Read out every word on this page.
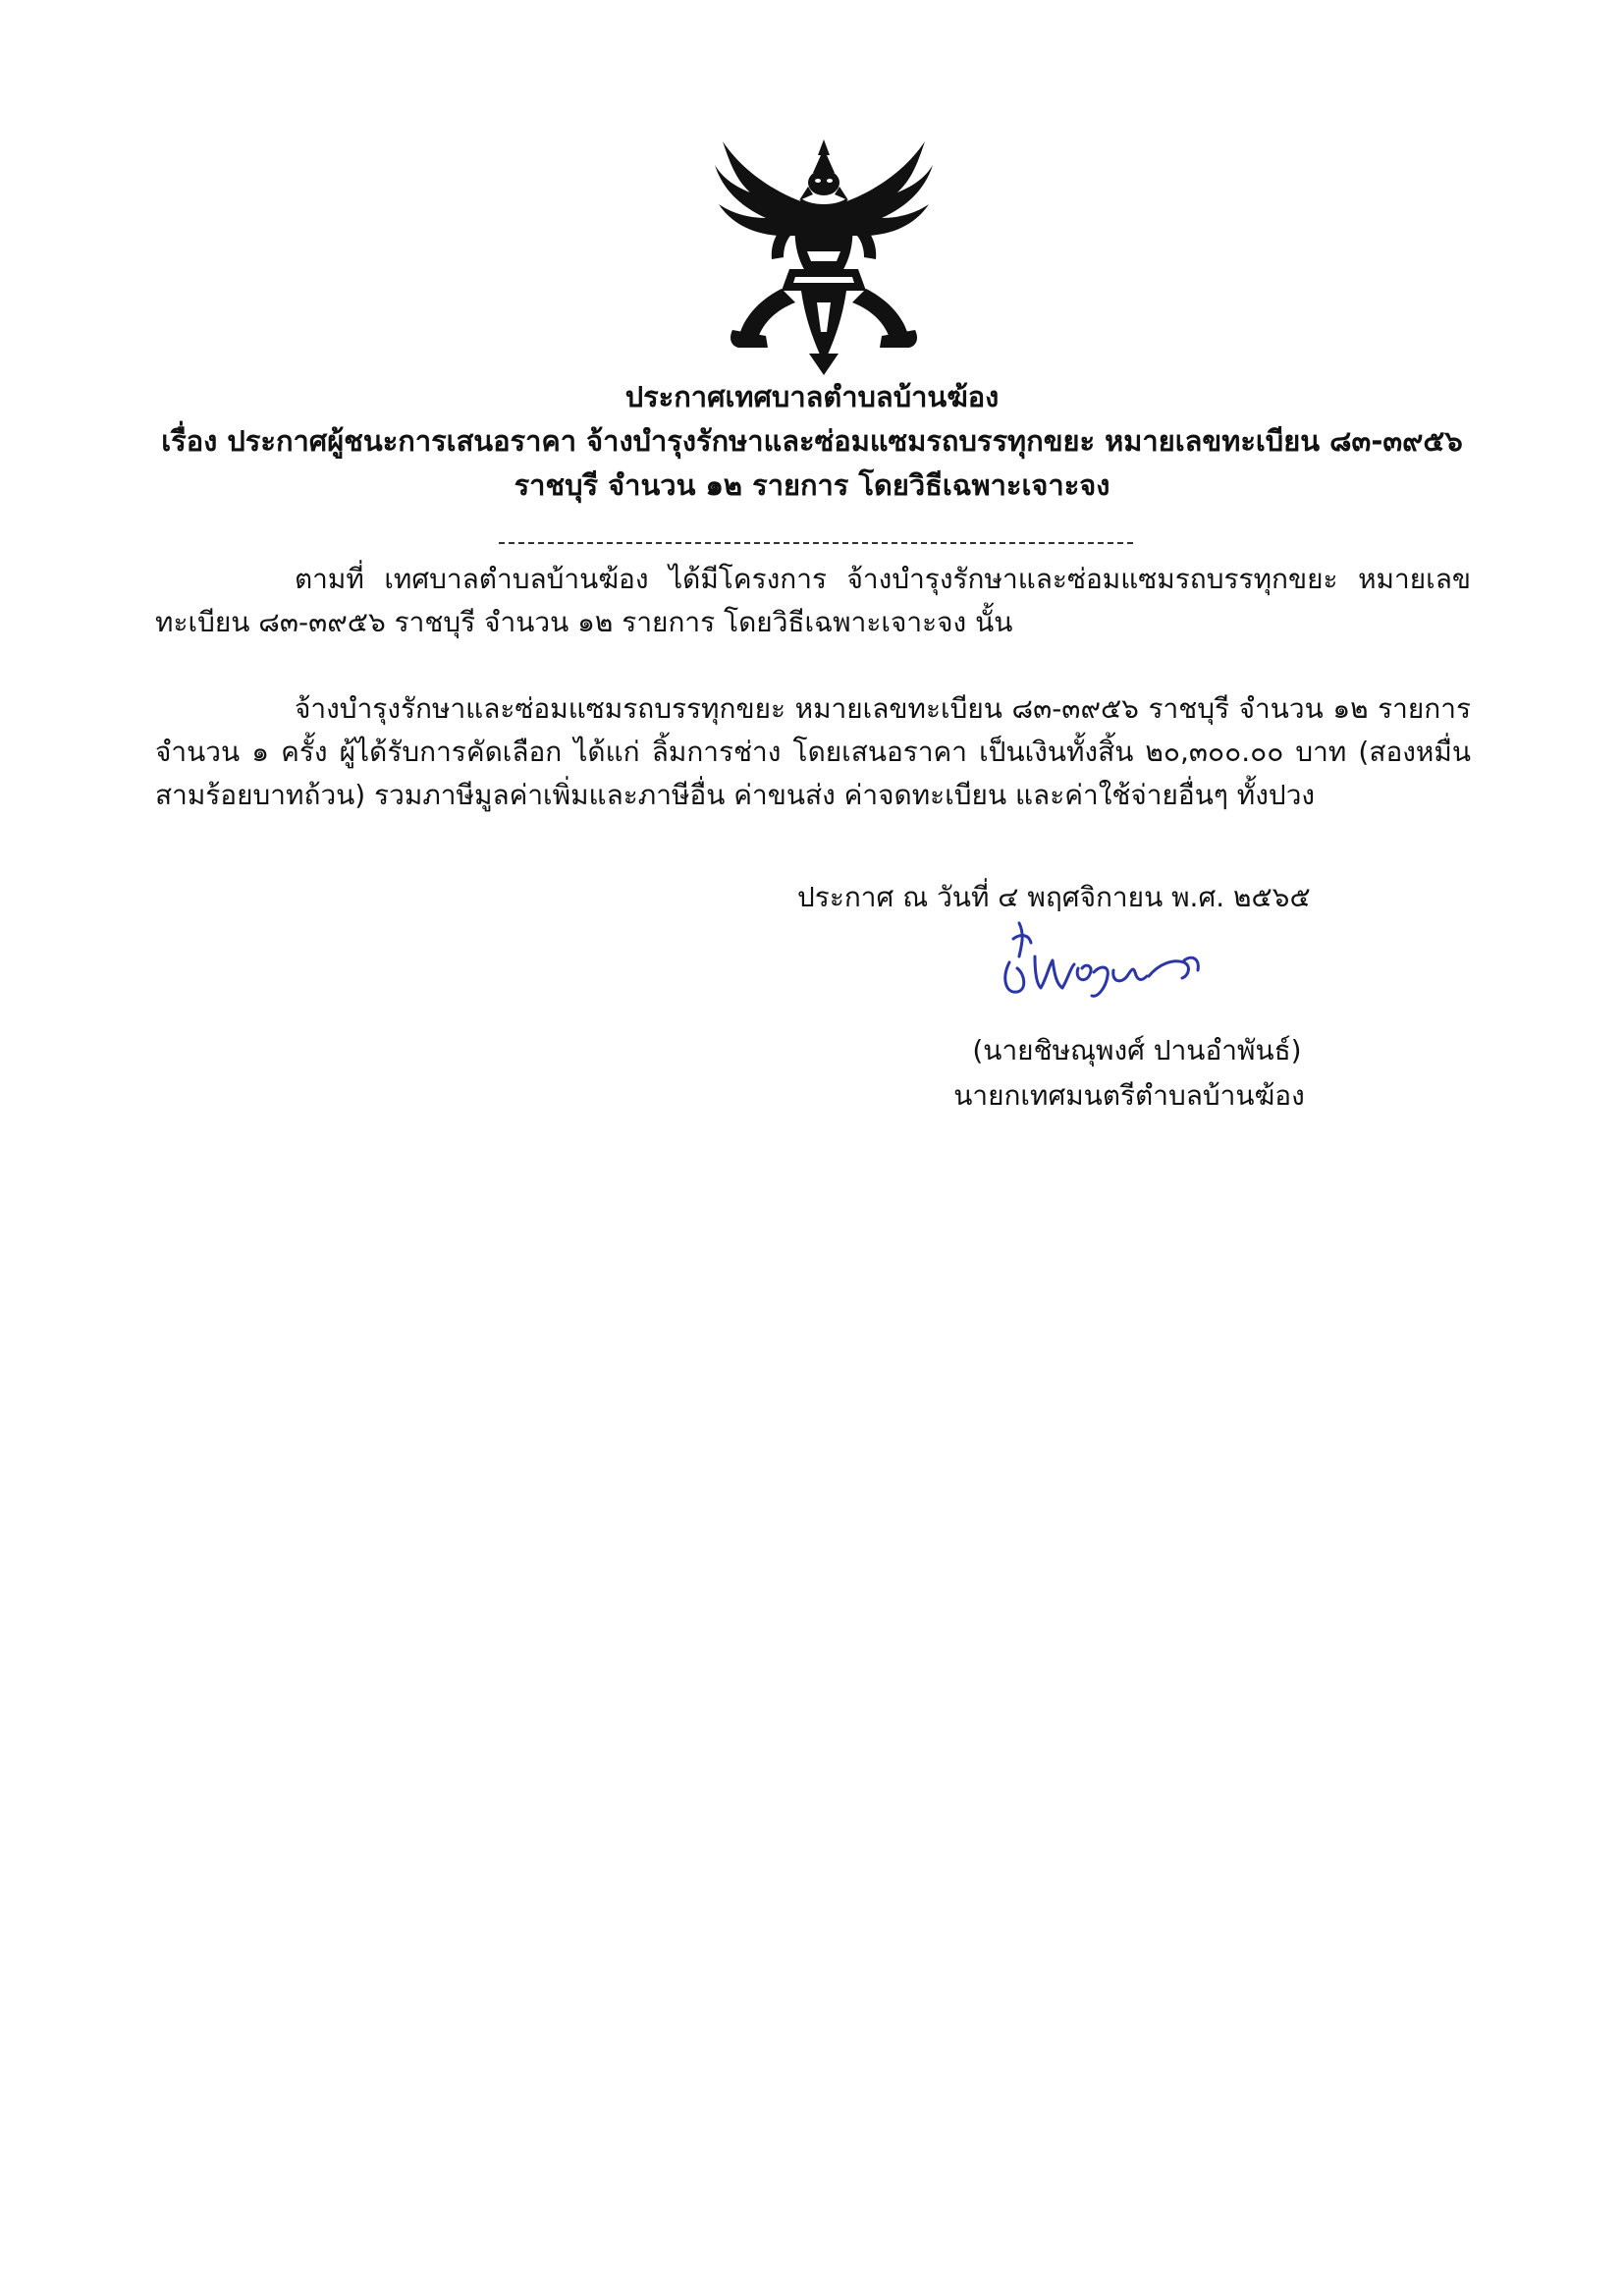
ประกาศเทศบาลตำบลบ้านฆ้อง
เรื่อง ประกาศผู้ชนะการเสนอราคา จ้างบำรุงรักษาและซ่อมแซมรถบรรทุกขยะ หมายเลขทะเบียน ๘๓-๓๙๕๖
ราชบุรี จำนวน ๑๒ รายการ โดยวิธีเฉพาะเจาะจง

ตามที่ เทศบาลตำบลบ้านฆ้อง ได้มีโครงการ จ้างบำรุงรักษาและซ่อมแซมรถบรรทุกขยะ หมายเลขทะเบียน ๘๓-๓๙๕๖ ราชบุรี จำนวน ๑๒ รายการ โดยวิธีเฉพาะเจาะจง นั้น

จ้างบำรุงรักษาและซ่อมแซมรถบรรทุกขยะ หมายเลขทะเบียน ๘๓-๓๙๕๖ ราชบุรี จำนวน ๑๒ รายการ จำนวน ๑ ครั้ง ผู้ได้รับการคัดเลือก ได้แก่ ลิ้มการช่าง โดยเสนอราคา เป็นเงินทั้งสิ้น ๒๐,๓๐๐.๐๐ บาท (สองหมื่นสามร้อยบาทถ้วน) รวมภาษีมูลค่าเพิ่มและภาษีอื่น ค่าขนส่ง ค่าจดทะเบียน และค่าใช้จ่ายอื่นๆ ทั้งปวง

ประกาศ ณ วันที่ ๔ พฤศจิกายน พ.ศ. ๒๕๖๕
(นายชิษณุพงศ์ ปานอำพันธ์)
นายกเทศมนตรีตำบลบ้านฆ้อง
